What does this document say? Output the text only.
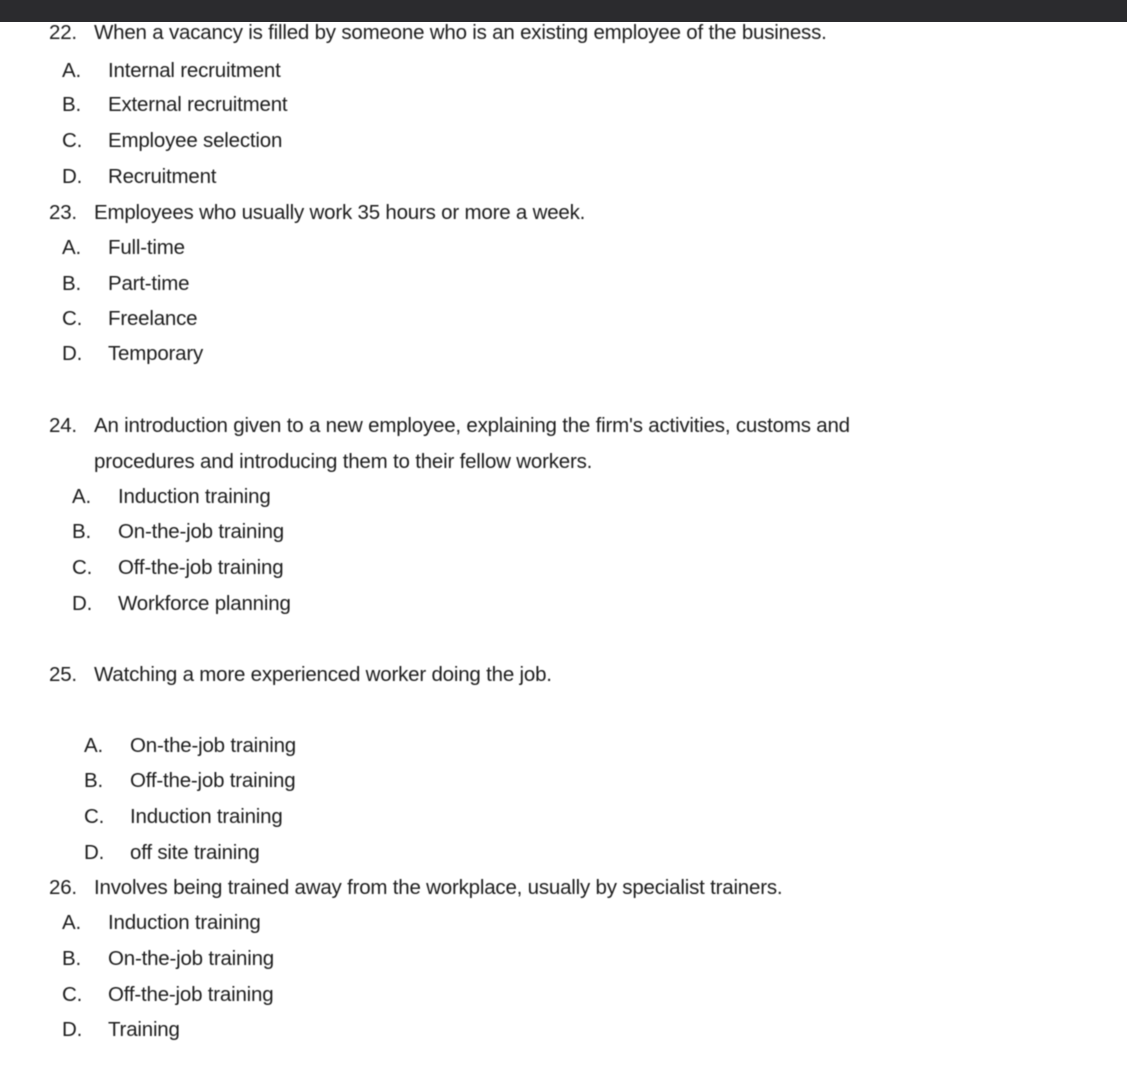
22. When a vacancy is filled by someone who is an existing employee of the business.
A. Internal recruitment
B. External recruitment
C. Employee selection
D. Recruitment
23. Employees who usually work 35 hours or more a week.
A. Full-time
B. Part-time
C. Freelance
D. Temporary
24. An introduction given to a new employee, explaining the firm's activities, customs and
procedures and introducing them to their fellow workers.
A. Induction training
B. On-the-job training
C. Off-the-job training
D. Workforce planning
25. Watching a more experienced worker doing the job.
A. On-the-job training
B. Off-the-job training
C. Induction training
D. off site training
26. Involves being trained away from the workplace, usually by specialist trainers.
A. Induction training
B. On-the-job training
C. Off-the-job training
D. Training
